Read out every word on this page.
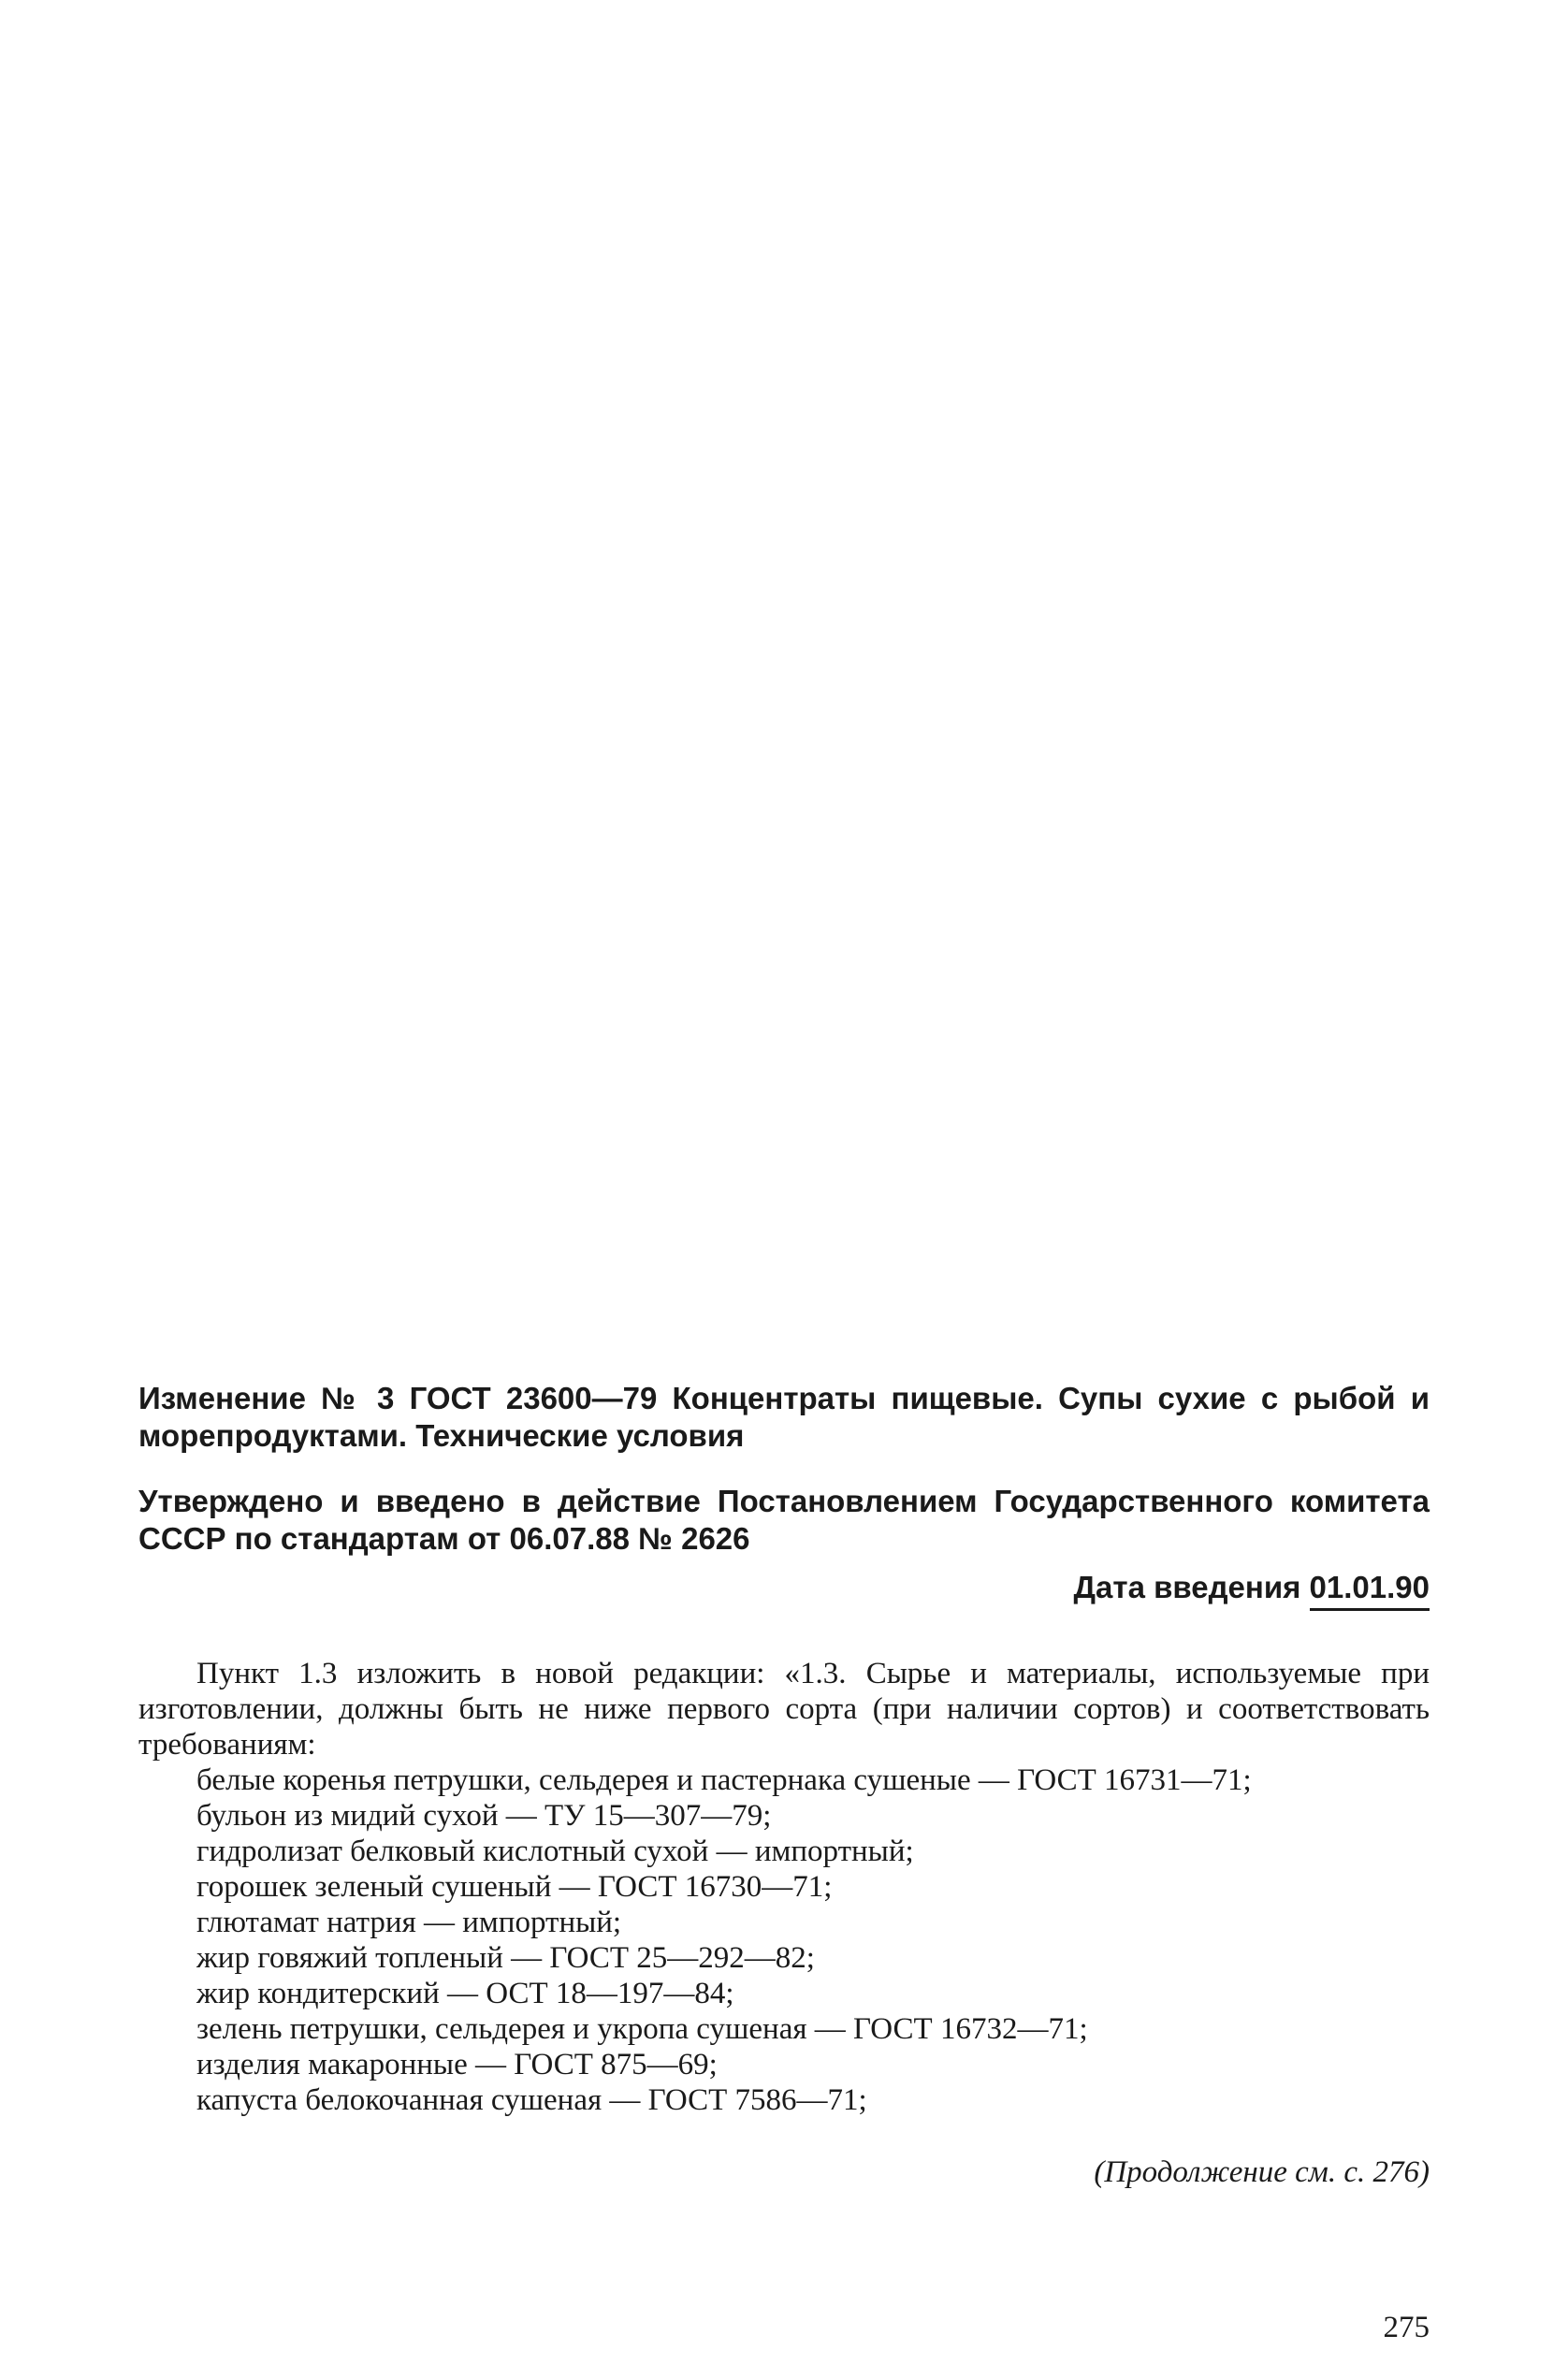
Изменение № 3 ГОСТ 23600—79 Концентраты пищевые. Супы сухие с рыбой и морепродуктами. Технические условия

Утверждено и введено в действие Постановлением Государственного комитета СССР по стандартам от 06.07.88 № 2626

Дата введения 01.01.90

Пункт 1.3 изложить в новой редакции: «1.3. Сырье и материалы, используемые при изготовлении, должны быть не ниже первого сорта (при наличии сортов) и соответствовать требованиям:

белые коренья петрушки, сельдерея и пастернака сушеные — ГОСТ 16731—71;

бульон из мидий сухой — ТУ 15—307—79;

гидролизат белковый кислотный сухой — импортный;

горошек зеленый сушеный — ГОСТ 16730—71;

глютамат натрия — импортный;

жир говяжий топленый — ГОСТ 25—292—82;

жир кондитерский — ОСТ 18—197—84;

зелень петрушки, сельдерея и укропа сушеная — ГОСТ 16732—71;

изделия макаронные — ГОСТ 875—69;

капуста белокочанная сушеная — ГОСТ 7586—71;

(Продолжение см. с. 276)

275
